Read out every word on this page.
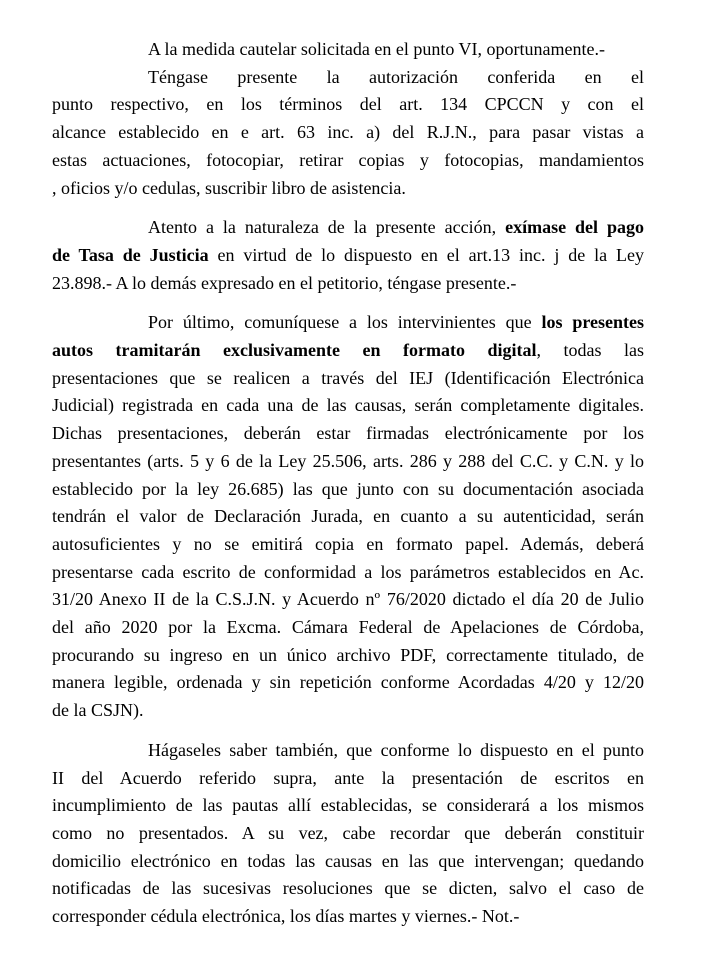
A la medida cautelar solicitada en el punto VI, oportunamente.-

Téngase presente la autorización conferida en el
punto respectivo, en los términos del art. 134 CPCCN y con el
alcance establecido en e art. 63 inc. a) del R.J.N., para pasar vistas a
estas actuaciones, fotocopiar, retirar copias y fotocopias, mandamientos
, oficios y/o cedulas, suscribir libro de asistencia.

Atento a la naturaleza de la presente acción, exímase del pago
de Tasa de Justicia en virtud de lo dispuesto en el art.13 inc. j de la Ley
23.898.- A lo demás expresado en el petitorio, téngase presente.-

Por último, comuníquese a los intervinientes que los presentes
autos tramitarán exclusivamente en formato digital, todas las
presentaciones que se realicen a través del IEJ (Identificación Electrónica
Judicial) registrada en cada una de las causas, serán completamente digitales.
Dichas presentaciones, deberán estar firmadas electrónicamente por los
presentantes (arts. 5 y 6 de la Ley 25.506, arts. 286 y 288 del C.C. y C.N. y lo
establecido por la ley 26.685) las que junto con su documentación asociada
tendrán el valor de Declaración Jurada, en cuanto a su autenticidad, serán
autosuficientes y no se emitirá copia en formato papel. Además, deberá
presentarse cada escrito de conformidad a los parámetros establecidos en Ac.
31/20 Anexo II de la C.S.J.N. y Acuerdo nº 76/2020 dictado el día 20 de Julio
del año 2020 por la Excma. Cámara Federal de Apelaciones de Córdoba,
procurando su ingreso en un único archivo PDF, correctamente titulado, de
manera legible, ordenada y sin repetición conforme Acordadas 4/20 y 12/20
de la CSJN).

Hágaseles saber también, que conforme lo dispuesto en el punto
II del Acuerdo referido supra, ante la presentación de escritos en
incumplimiento de las pautas allí establecidas, se considerará a los mismos
como no presentados. A su vez, cabe recordar que deberán constituir
domicilio electrónico en todas las causas en las que intervengan; quedando
notificadas de las sucesivas resoluciones que se dicten, salvo el caso de
corresponder cédula electrónica, los días martes y viernes.- Not.-
